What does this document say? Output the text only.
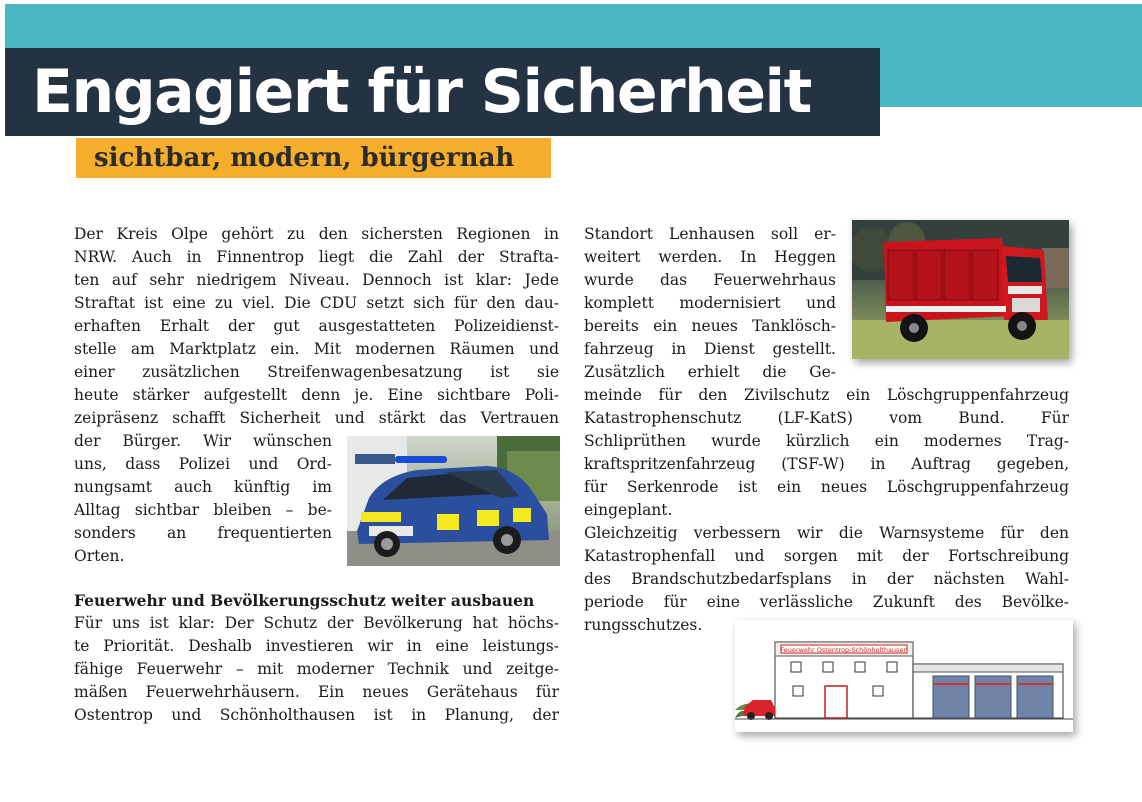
Engagiert für Sicherheit
sichtbar, modern, bürgernah
Der Kreis Olpe gehört zu den sichersten Regionen in
NRW. Auch in Finnentrop liegt die Zahl der Strafta-
ten auf sehr niedrigem Niveau. Dennoch ist klar: Jede
Straftat ist eine zu viel. Die CDU setzt sich für den dau-
erhaften Erhalt der gut ausgestatteten Polizeidienst-
stelle am Marktplatz ein. Mit modernen Räumen und
einer zusätzlichen Streifenwagenbesatzung ist sie
heute stärker aufgestellt denn je. Eine sichtbare Poli-
zeipräsenz schafft Sicherheit und stärkt das Vertrauen
der Bürger. Wir wünschen
uns, dass Polizei und Ord-
nungsamt auch künftig im
Alltag sichtbar bleiben – be-
sonders an frequentierten
Orten.
Feuerwehr und Bevölkerungsschutz weiter ausbauen
Für uns ist klar: Der Schutz der Bevölkerung hat höchs-
te Priorität. Deshalb investieren wir in eine leistungs-
fähige Feuerwehr – mit moderner Technik und zeitge-
mäßen Feuerwehrhäusern. Ein neues Gerätehaus für
Ostentrop und Schönholthausen ist in Planung, der
Standort Lenhausen soll er-
weitert werden. In Heggen
wurde das Feuerwehrhaus
komplett modernisiert und
bereits ein neues Tanklösch-
fahrzeug in Dienst gestellt.
Zusätzlich erhielt die Ge-
meinde für den Zivilschutz ein Löschgruppenfahrzeug
Katastrophenschutz (LF-KatS) vom Bund. Für
Schliprüthen wurde kürzlich ein modernes Trag-
kraftspritzenfahrzeug (TSF-W) in Auftrag gegeben,
für Serkenrode ist ein neues Löschgruppenfahrzeug
eingeplant.
Gleichzeitig verbessern wir die Warnsysteme für den
Katastrophenfall und sorgen mit der Fortschreibung
des Brandschutzbedarfsplans in der nächsten Wahl-
periode für eine verlässliche Zukunft des Bevölke-
rungsschutzes.
Feuerwehr Ostentrop-Schönholthausen
